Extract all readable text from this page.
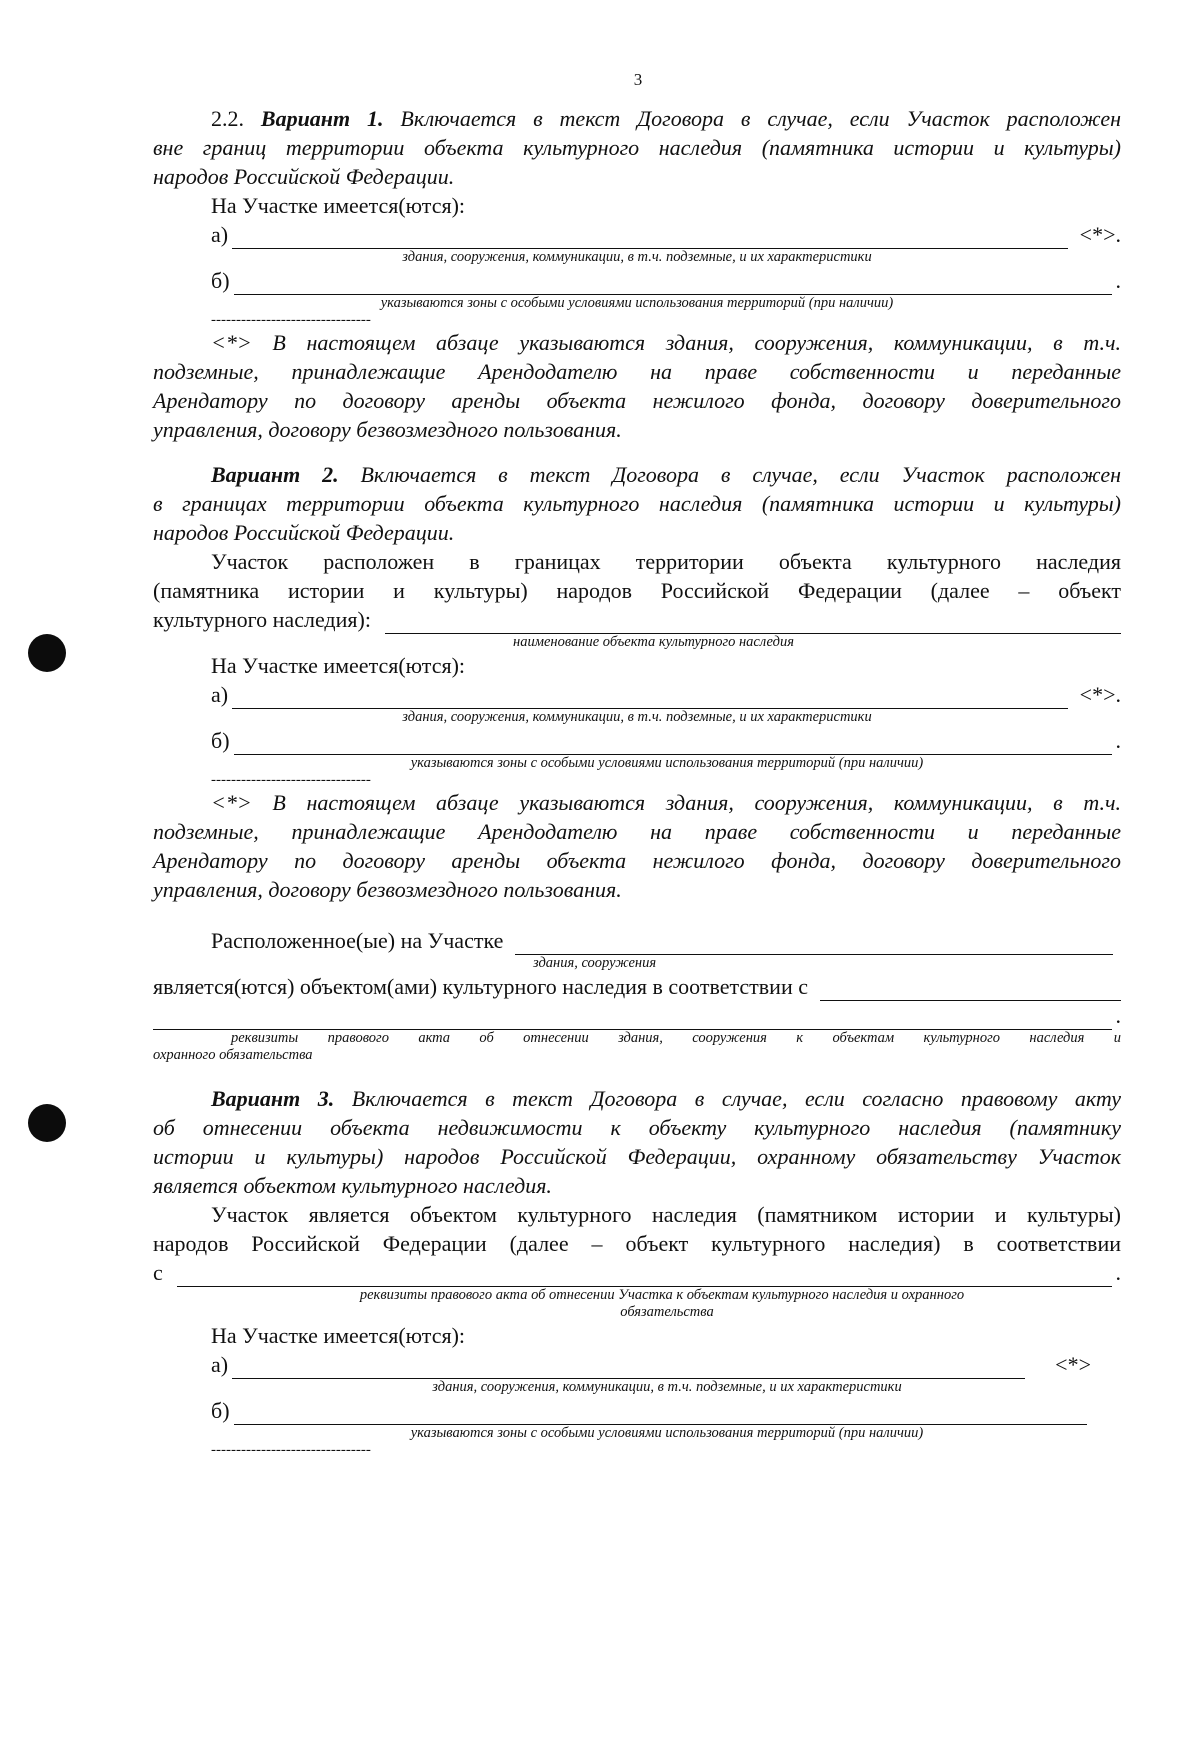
3
2.2. Вариант 1. Включается в текст Договора в случае, если Участок расположен
вне границ территории объекта культурного наследия (памятника истории и культуры)
народов Российской Федерации.
На Участке имеется(ются):
а)	<*>.
здания, сооружения, коммуникации, в т.ч. подземные, и их характеристики
б)	.
указываются зоны с особыми условиями использования территорий (при наличии)
--------------------------------
<*> В настоящем абзаце указываются здания, сооружения, коммуникации, в т.ч.
подземные, принадлежащие Арендодателю на праве собственности и переданные
Арендатору по договору аренды объекта нежилого фонда, договору доверительного
управления, договору безвозмездного пользования.
Вариант 2. Включается в текст Договора в случае, если Участок расположен
в границах территории объекта культурного наследия (памятника истории и культуры)
народов Российской Федерации.
Участок расположен в границах территории объекта культурного наследия
(памятника истории и культуры) народов Российской Федерации (далее – объект
культурного наследия):
наименование объекта культурного наследия
На Участке имеется(ются):
а)	<*>.
здания, сооружения, коммуникации, в т.ч. подземные, и их характеристики
б)	.
указываются зоны с особыми условиями использования территорий (при наличии)
--------------------------------
<*> В настоящем абзаце указываются здания, сооружения, коммуникации, в т.ч.
подземные, принадлежащие Арендодателю на праве собственности и переданные
Арендатору по договору аренды объекта нежилого фонда, договору доверительного
управления, договору безвозмездного пользования.
Расположенное(ые) на Участке
здания, сооружения
является(ются) объектом(ами) культурного наследия в соответствии с
.
реквизиты правового акта об отнесении здания, сооружения к объектам культурного наследия и
охранного обязательства
Вариант 3. Включается в текст Договора в случае, если согласно правовому акту
об отнесении объекта недвижимости к объекту культурного наследия (памятнику
истории и культуры) народов Российской Федерации, охранному обязательству Участок
является объектом культурного наследия.
Участок является объектом культурного наследия (памятником истории и культуры)
народов Российской Федерации (далее – объект культурного наследия) в соответствии
с	.
реквизиты правового акта об отнесении Участка к объектам культурного наследия и охранного
обязательства
На Участке имеется(ются):
а)	<*>
здания, сооружения, коммуникации, в т.ч. подземные, и их характеристики
б)
указываются зоны с особыми условиями использования территорий (при наличии)
--------------------------------
